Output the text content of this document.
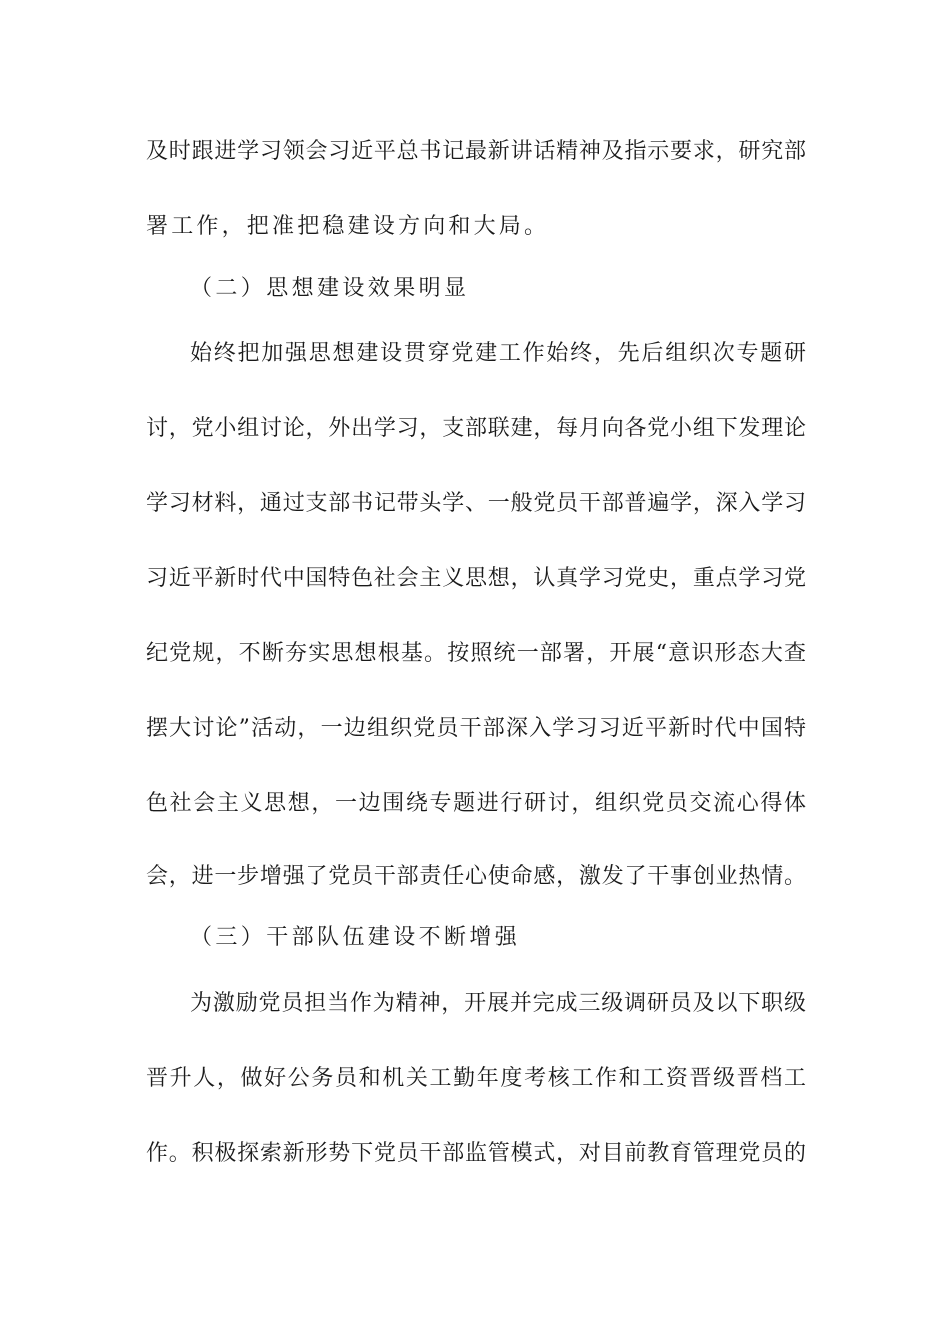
及时跟进学习领会习近平总书记最新讲话精神及指示要求，研究部
署工作，把准把稳建设方向和大局。
（二）思想建设效果明显
始终把加强思想建设贯穿党建工作始终，先后组织次专题研
讨，党小组讨论，外出学习，支部联建，每月向各党小组下发理论
学习材料，通过支部书记带头学、一般党员干部普遍学，深入学习
习近平新时代中国特色社会主义思想，认真学习党史，重点学习党
纪党规，不断夯实思想根基。按照统一部署，开展“意识形态大查
摆大讨论”活动，一边组织党员干部深入学习习近平新时代中国特
色社会主义思想，一边围绕专题进行研讨，组织党员交流心得体
会，进一步增强了党员干部责任心使命感，激发了干事创业热情。
（三）干部队伍建设不断增强
为激励党员担当作为精神，开展并完成三级调研员及以下职级
晋升人，做好公务员和机关工勤年度考核工作和工资晋级晋档工
作。积极探索新形势下党员干部监管模式，对目前教育管理党员的
